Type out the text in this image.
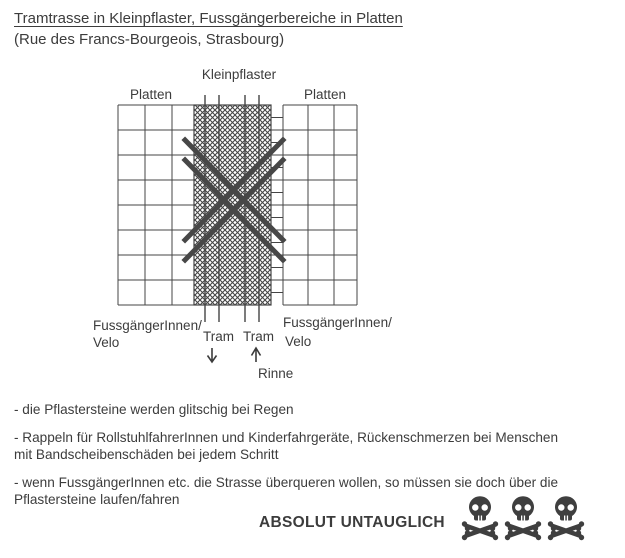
Tramtrasse in Kleinpflaster, Fussgängerbereiche in Platten
(Rue des Francs-Bourgeois, Strasbourg)
Kleinpflaster
Platten	Platten
FussgängerInnen/
Velo	Tram Tram
FussgängerInnen/
Velo
Rinne
- die Pflastersteine werden glitschig bei Regen
- Rappeln für RollstuhlfahrerInnen und Kinderfahrgeräte, Rückenschmerzen bei Menschen
mit Bandscheibenschäden bei jedem Schritt
- wenn FussgängerInnen etc. die Strasse überqueren wollen, so müssen sie doch über die
Pflastersteine laufen/fahren
ABSOLUT UNTAUGLICH
